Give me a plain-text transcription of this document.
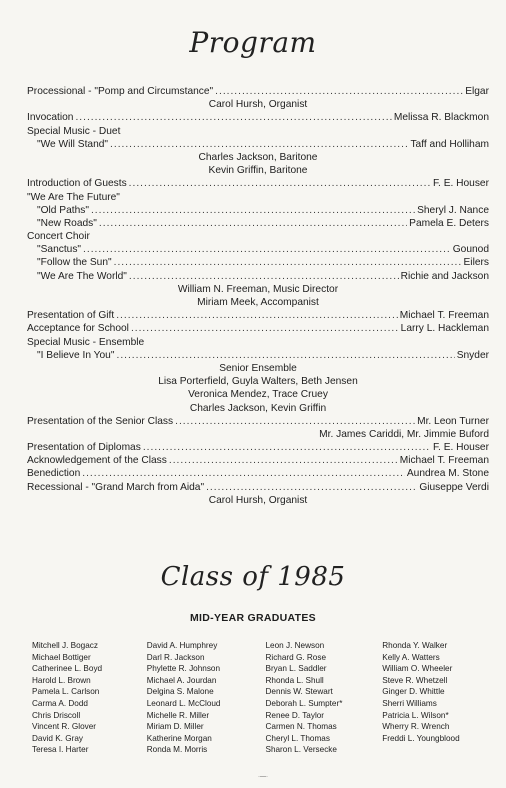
Program
Processional - "Pomp and Circumstance" .....	Elgar
Carol Hursh, Organist
Invocation .....	Melissa R. Blackmon
Special Music - Duet
"We Will Stand" .....	Taff and Holliham
Charles Jackson, Baritone
Kevin Griffin, Baritone
Introduction of Guests .....	F. E. Houser
"We Are The Future"
"Old Paths" .....	Sheryl J. Nance
"New Roads" .....	Pamela E. Deters
Concert Choir
"Sanctus" .....	Gounod
"Follow the Sun" .....	Eilers
"We Are The World" .....	Richie and Jackson
William N. Freeman, Music Director
Miriam Meek, Accompanist
Presentation of Gift .....	Michael T. Freeman
Acceptance for School .....	Larry L. Hackleman
Special Music - Ensemble
"I Believe In You" .....	Snyder
Senior Ensemble
Lisa Porterfield, Guyla Walters, Beth Jensen
Veronica Mendez, Trace Cruey
Charles Jackson, Kevin Griffin
Presentation of the Senior Class .....	Mr. Leon Turner
Mr. James Cariddi, Mr. Jimmie Buford
Presentation of Diplomas .....	F. E. Houser
Acknowledgement of the Class .....	Michael T. Freeman
Benediction .....	Aundrea M. Stone
Recessional - "Grand March from Aida" .....	Giuseppe Verdi
Carol Hursh, Organist
Class of 1985
MID-YEAR GRADUATES
Mitchell J. Bogacz
Michael Bottiger
Catherinee L. Boyd
Harold L. Brown
Pamela L. Carlson
Carma A. Dodd
Chris Driscoll
Vincent R. Glover
David K. Gray
Teresa I. Harter
David A. Humphrey
Darl R. Jackson
Phylette R. Johnson
Michael A. Jourdan
Delgina S. Malone
Leonard L. McCloud
Michelle R. Miller
Miriam D. Miller
Katherine Morgan
Ronda M. Morris
Leon J. Newson
Richard G. Rose
Bryan L. Saddler
Rhonda L. Shull
Dennis W. Stewart
Deborah L. Sumpter*
Renee D. Taylor
Carmen N. Thomas
Cheryl L. Thomas
Sharon L. Versecke
Rhonda Y. Walker
Kelly A. Watters
William O. Wheeler
Steve R. Whetzell
Ginger D. Whittle
Sherri Williams
Patricia L. Wilson*
Wherry R. Wrench
Freddi L. Youngblood
·—·
